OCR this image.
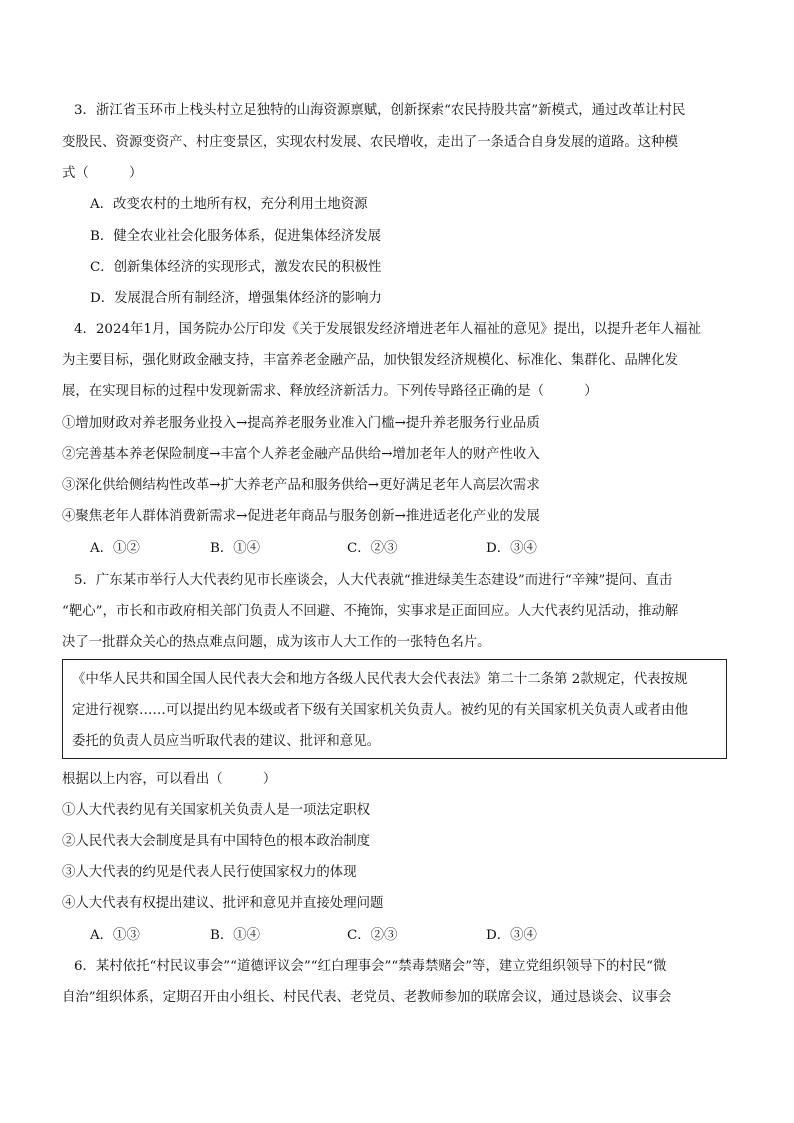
3．浙江省玉环市上栈头村立足独特的山海资源禀赋，创新探索“农民持股共富”新模式，通过改革让村民
变股民、资源变资产、村庄变景区，实现农村发展、农民增收，走出了一条适合自身发展的道路。这种模
式（　　　）
A．改变农村的土地所有权，充分利用土地资源
B．健全农业社会化服务体系，促进集体经济发展
C．创新集体经济的实现形式，激发农民的积极性
D．发展混合所有制经济，增强集体经济的影响力
4．2024年1月，国务院办公厅印发《关于发展银发经济增进老年人福祉的意见》提出，以提升老年人福祉
为主要目标，强化财政金融支持，丰富养老金融产品，加快银发经济规模化、标准化、集群化、品牌化发
展，在实现目标的过程中发现新需求、释放经济新活力。下列传导路径正确的是（　　　）
①增加财政对养老服务业投入→提高养老服务业准入门槛→提升养老服务行业品质
②完善基本养老保险制度→丰富个人养老金融产品供给→增加老年人的财产性收入
③深化供给侧结构性改革→扩大养老产品和服务供给→更好满足老年人高层次需求
④聚焦老年人群体消费新需求→促进老年商品与服务创新→推进适老化产业的发展
A．①②	B．①④	C．②③	D．③④
5．广东某市举行人大代表约见市长座谈会，人大代表就“推进绿美生态建设”而进行“辛辣”提问、直击
“靶心”，市长和市政府相关部门负责人不回避、不掩饰，实事求是正面回应。人大代表约见活动，推动解
决了一批群众关心的热点难点问题，成为该市人大工作的一张特色名片。
《中华人民共和国全国人民代表大会和地方各级人民代表大会代表法》第二十二条第 2款规定，代表按规
定进行视察……可以提出约见本级或者下级有关国家机关负责人。被约见的有关国家机关负责人或者由他
委托的负责人员应当听取代表的建议、批评和意见。
根据以上内容，可以看出（　　　）
①人大代表约见有关国家机关负责人是一项法定职权
②人民代表大会制度是具有中国特色的根本政治制度
③人大代表的约见是代表人民行使国家权力的体现
④人大代表有权提出建议、批评和意见并直接处理问题
A．①③	B．①④	C．②③	D．③④
6．某村依托“村民议事会”“道德评议会”“红白理事会”“禁毒禁赌会”等，建立党组织领导下的村民“微
自治”组织体系，定期召开由小组长、村民代表、老党员、老教师参加的联席会议，通过恳谈会、议事会
